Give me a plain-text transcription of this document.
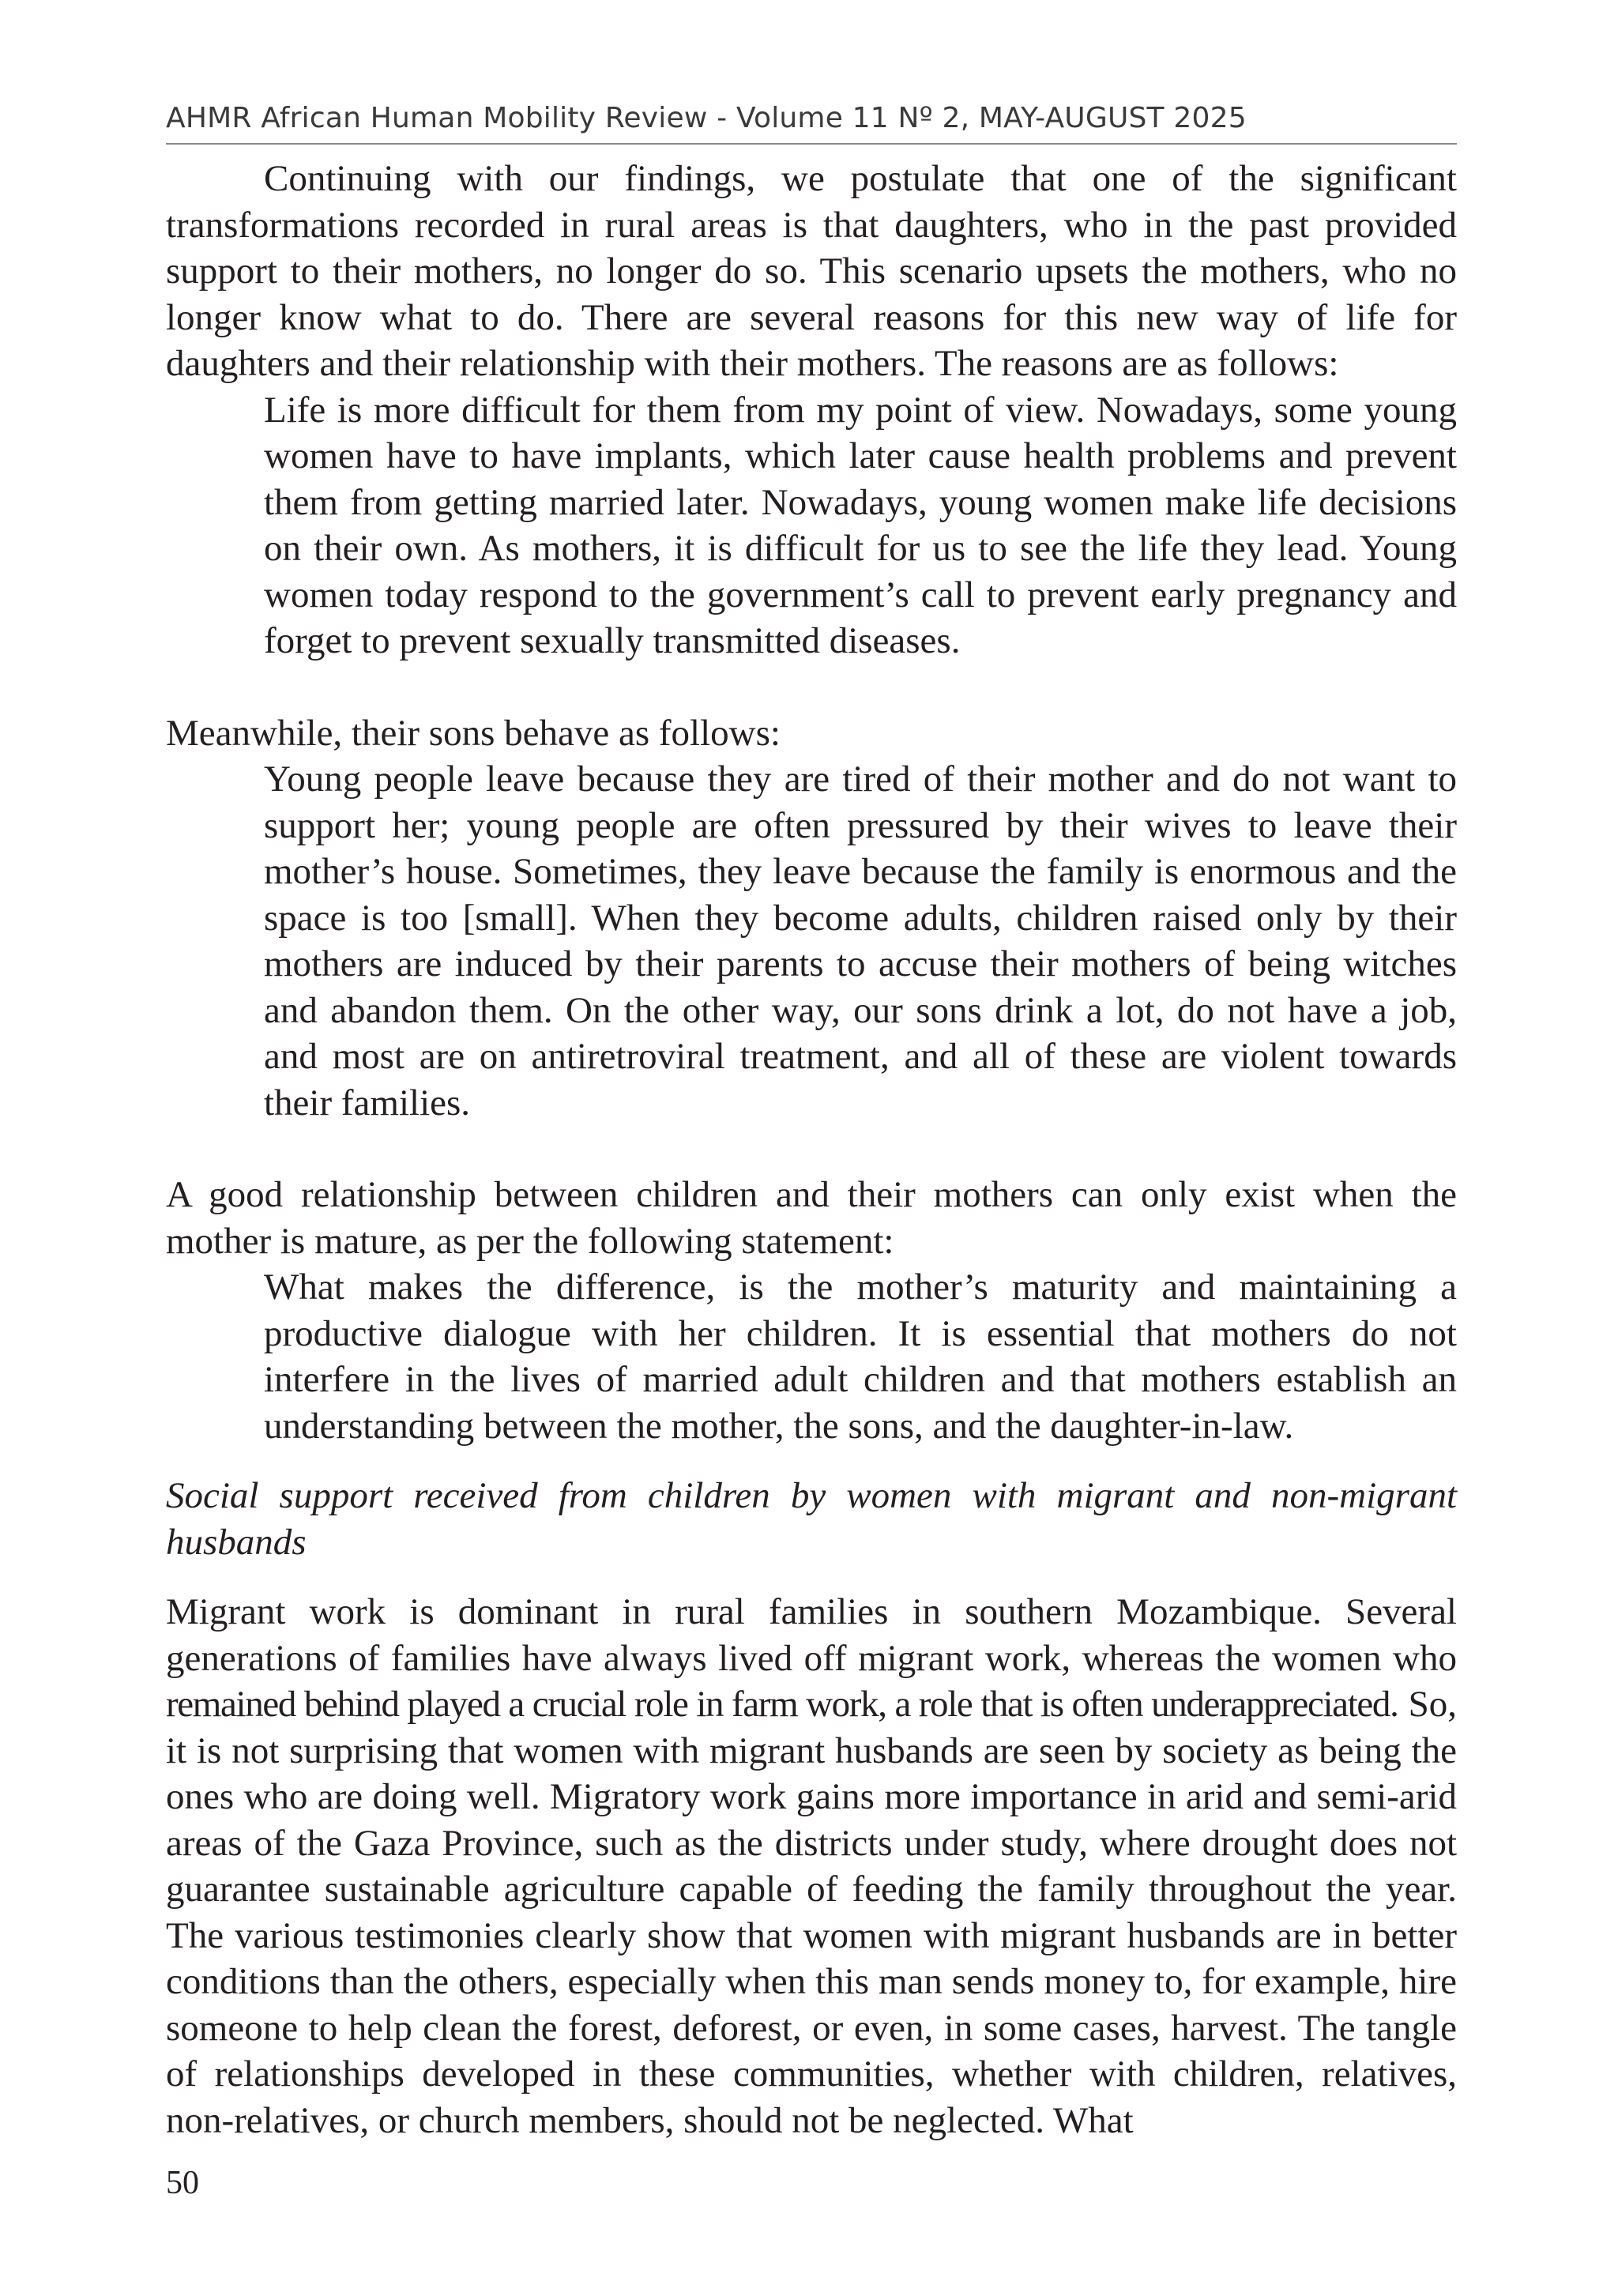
AHMR African Human Mobility Review - Volume 11 Nº 2, MAY-AUGUST 2025

Continuing with our findings, we postulate that one of the significant transformations recorded in rural areas is that daughters, who in the past provided support to their mothers, no longer do so. This scenario upsets the mothers, who no longer know what to do. There are several reasons for this new way of life for daughters and their relationship with their mothers. The reasons are as follows:

Life is more difficult for them from my point of view. Nowadays, some young women have to have implants, which later cause health problems and prevent them from getting married later. Nowadays, young women make life decisions on their own. As mothers, it is difficult for us to see the life they lead. Young women today respond to the government’s call to prevent early pregnancy and forget to prevent sexually transmitted diseases.

Meanwhile, their sons behave as follows:

Young people leave because they are tired of their mother and do not want to support her; young people are often pressured by their wives to leave their mother’s house. Sometimes, they leave because the family is enormous and the space is too [small]. When they become adults, children raised only by their mothers are induced by their parents to accuse their mothers of being witches and abandon them. On the other way, our sons drink a lot, do not have a job, and most are on antiretroviral treatment, and all of these are violent towards their families.

A good relationship between children and their mothers can only exist when the mother is mature, as per the following statement:

What makes the difference, is the mother’s maturity and maintaining a productive dialogue with her children. It is essential that mothers do not interfere in the lives of married adult children and that mothers establish an understanding between the mother, the sons, and the daughter-in-law.

Social support received from children by women with migrant and non-migrant husbands

Migrant work is dominant in rural families in southern Mozambique. Several generations of families have always lived off migrant work, whereas the women who remained behind played a crucial role in farm work, a role that is often underappreciated. So, it is not surprising that women with migrant husbands are seen by society as being the ones who are doing well. Migratory work gains more importance in arid and semi-arid areas of the Gaza Province, such as the districts under study, where drought does not guarantee sustainable agriculture capable of feeding the family throughout the year. The various testimonies clearly show that women with migrant husbands are in better conditions than the others, especially when this man sends money to, for example, hire someone to help clean the forest, deforest, or even, in some cases, harvest. The tangle of relationships developed in these communities, whether with children, relatives, non-relatives, or church members, should not be neglected. What

50
